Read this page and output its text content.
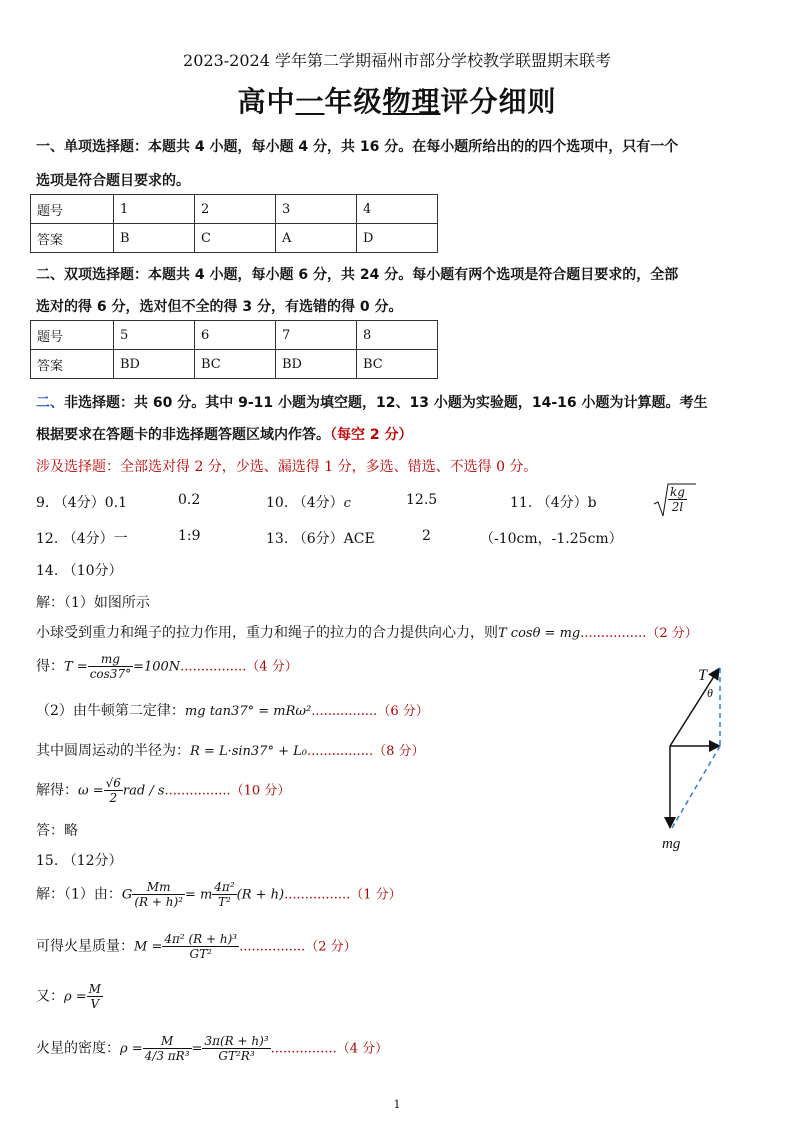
2023-2024 学年第二学期福州市部分学校教学联盟期末联考
高中一年级物理评分细则
一、单项选择题：本题共 4 小题，每小题 4 分，共 16 分。在每小题所给出的的四个选项中，只有一个
选项是符合题目要求的。
题号	1	2	3	4
答案	B	C	A	D
二、双项选择题：本题共 4 小题，每小题 6 分，共 24 分。每小题有两个选项是符合题目要求的，全部
选对的得 6 分，选对但不全的得 3 分，有选错的得 0 分。
题号	5	6	7	8
答案	BD	BC	BD	BC
二、非选择题：共 60 分。其中 9-11 小题为填空题，12、13 小题为实验题，14-16 小题为计算题。考生
根据要求在答题卡的非选择题答题区域内作答。（每空 2 分）
涉及选择题：全部选对得 2 分，少选、漏选得 1 分，多选、错选、不选得 0 分。
9. （4分）0.1	0.2	10. （4分）c	12.5	11. （4分）b	$\frac{kg}{2l}$
12. （4分）一	1:9	13. （6分）ACE	2	（-10cm，-1.25cm）
14. （10分）
解：（1）如图所示
小球受到重力和绳子的拉力作用，重力和绳子的拉力的合力提供向心力，则T cosθ = mg................（2 分）
得：$T = \frac{mg}{\cos 37^\circ} =100N................(4$ 分）
（2）由牛顿第二定律：mg tan37° = mRω²................（6 分）
其中圆周运动的半径为：R = L·sin37° + L₀................（8 分）
解得：$\omega = \frac{√6}{2}$ rad / s................（10 分）
答：略
T
θ
mg
15. （12分）
解：（1）由：G $\frac{Mm}{\text{(R + h)²}} = m \frac{\text{4π²}}{\text{T²}} (R + h)................(1$ 分）
可得火星质量：$M = \frac{\text{4π² (R + h)³}}{\text{GT²}} ................(2$ 分）
又：$\rho = \frac{M}{V}$
火星的密度：$\rho = \frac{M}{\text{4/3 πR³}} = \frac{\text{3π(R + h)³}}{\text{GT²R³}} ................(4$ 分）
1
